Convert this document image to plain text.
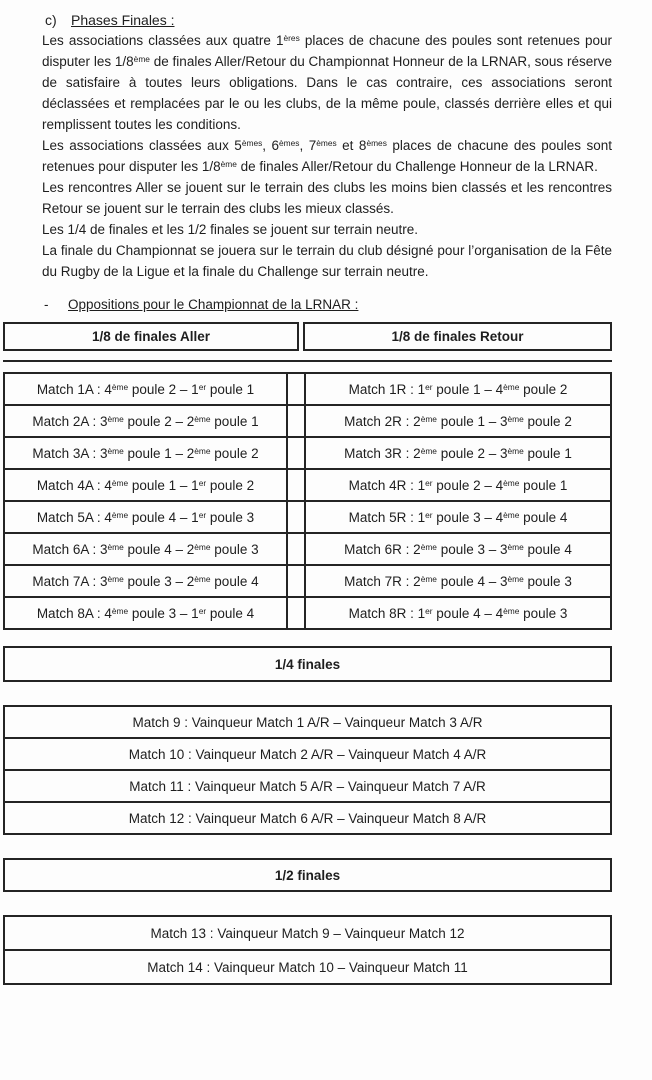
c) Phases Finales :

Les associations classées aux quatre 1ères places de chacune des poules sont retenues pour disputer les 1/8ème de finales Aller/Retour du Championnat Honneur de la LRNAR, sous réserve de satisfaire à toutes leurs obligations. Dans le cas contraire, ces associations seront déclassées et remplacées par le ou les clubs, de la même poule, classés derrière elles et qui remplissent toutes les conditions.

Les associations classées aux 5èmes, 6èmes, 7èmes et 8èmes places de chacune des poules sont retenues pour disputer les 1/8ème de finales Aller/Retour du Challenge Honneur de la LRNAR.

Les rencontres Aller se jouent sur le terrain des clubs les moins bien classés et les rencontres Retour se jouent sur le terrain des clubs les mieux classés.

Les 1/4 de finales et les 1/2 finales se jouent sur terrain neutre.

La finale du Championnat se jouera sur le terrain du club désigné pour l’organisation de la Fête du Rugby de la Ligue et la finale du Challenge sur terrain neutre.

- Oppositions pour le Championnat de la LRNAR :
1/8 de finales Aller	1/8 de finales Retour
Match 1A : 4ème poule 2 – 1er poule 1		Match 1R : 1er poule 1 – 4ème poule 2
Match 2A : 3ème poule 2 – 2ème poule 1		Match 2R : 2ème poule 1 – 3ème poule 2
Match 3A : 3ème poule 1 – 2ème poule 2		Match 3R : 2ème poule 2 – 3ème poule 1
Match 4A : 4ème poule 1 – 1er poule 2		Match 4R : 1er poule 2 – 4ème poule 1
Match 5A : 4ème poule 4 – 1er poule 3		Match 5R : 1er poule 3 – 4ème poule 4
Match 6A : 3ème poule 4 – 2ème poule 3		Match 6R : 2ème poule 3 – 3ème poule 4
Match 7A : 3ème poule 3 – 2ème poule 4		Match 7R : 2ème poule 4 – 3ème poule 3
Match 8A : 4ème poule 3 – 1er poule 4		Match 8R : 1er poule 4 – 4ème poule 3
1/4 finales
Match 9 : Vainqueur Match 1 A/R – Vainqueur Match 3 A/R
Match 10 : Vainqueur Match 2 A/R – Vainqueur Match 4 A/R
Match 11 : Vainqueur Match 5 A/R – Vainqueur Match 7 A/R
Match 12 : Vainqueur Match 6 A/R – Vainqueur Match 8 A/R
1/2 finales
Match 13 : Vainqueur Match 9 – Vainqueur Match 12
Match 14 : Vainqueur Match 10 – Vainqueur Match 11
